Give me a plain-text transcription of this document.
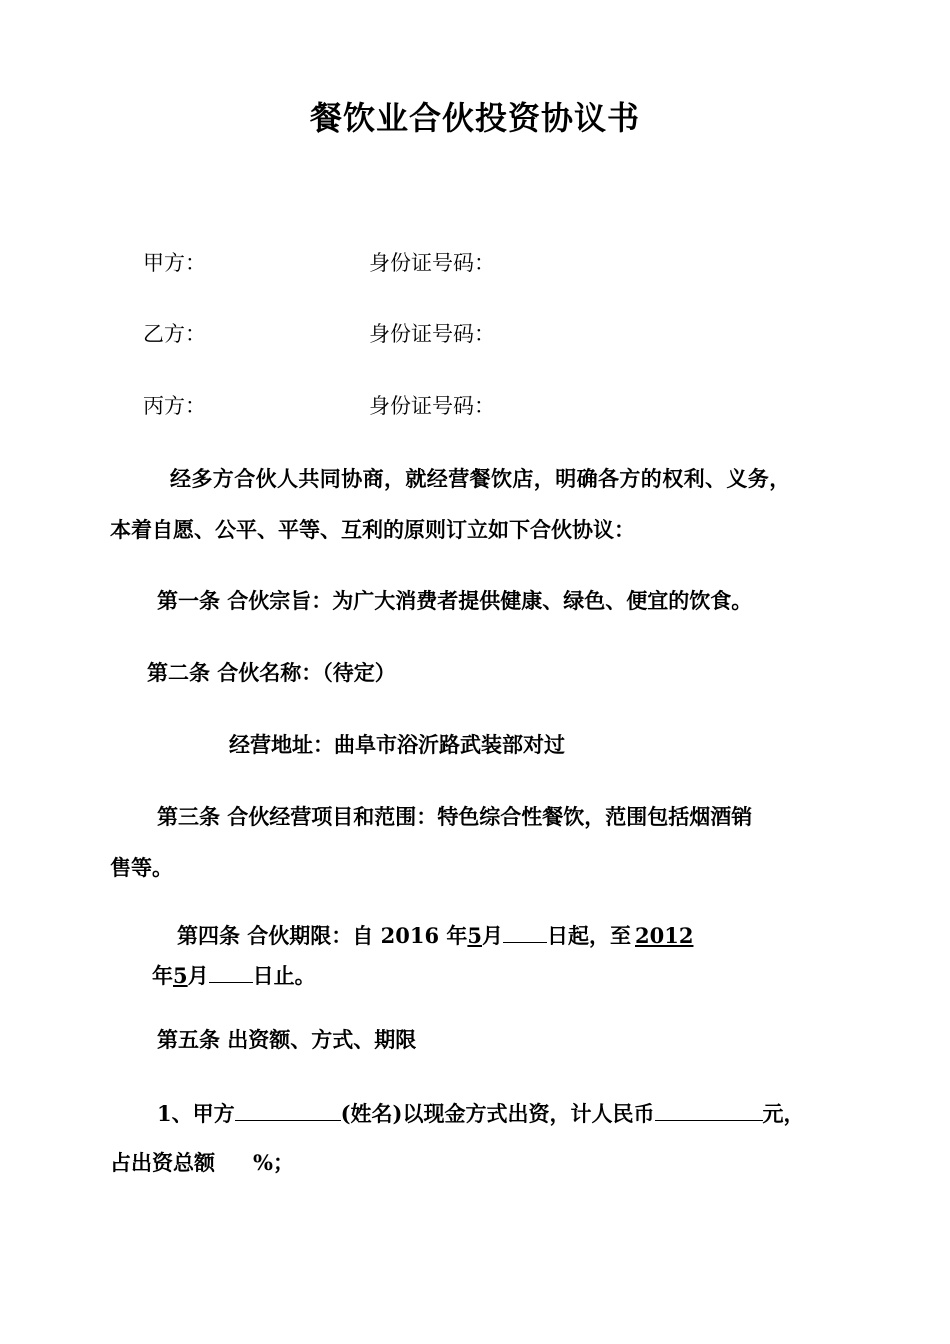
餐饮业合伙投资协议书
甲方：	身份证号码：
乙方：	身份证号码：
丙方：	身份证号码：
经多方合伙人共同协商，就经营餐饮店，明确各方的权利、义务，
本着自愿、公平、平等、互利的原则订立如下合伙协议：
第一条 合伙宗旨：为广大消费者提供健康、绿色、便宜的饮食。
第二条 合伙名称：（待定）
经营地址：曲阜市浴沂路武装部对过
第三条 合伙经营项目和范围：特色综合性餐饮，范围包括烟酒销
售等。
第四条 合伙期限：自 2016 年5月 日起，至 2012
年5月 日止。
第五条 出资额、方式、期限
1、甲方	(姓名)以现金方式出资，计人民币	元，
占出资总额 %；
